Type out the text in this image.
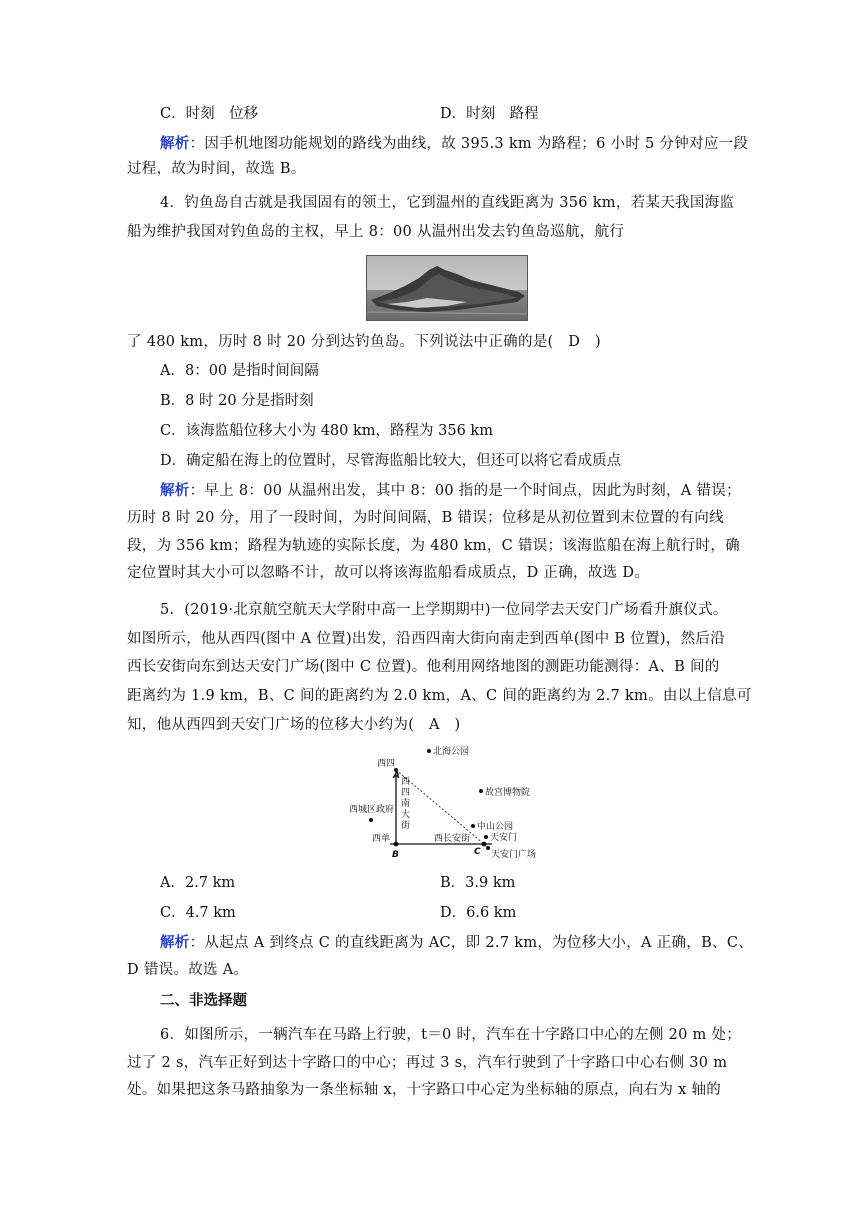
C．时刻　位移	D．时刻　路程
解析：因手机地图功能规划的路线为曲线，故 395.3 km 为路程；6 小时 5 分钟对应一段
过程，故为时间，故选 B。
4．钓鱼岛自古就是我国固有的领土，它到温州的直线距离为 356 km，若某天我国海监
船为维护我国对钓鱼岛的主权，早上 8：00 从温州出发去钓鱼岛巡航，航行
了 480 km，历时 8 时 20 分到达钓鱼岛。下列说法中正确的是(　D　)
A．8：00 是指时间间隔
B．8 时 20 分是指时刻
C．该海监船位移大小为 480 km，路程为 356 km
D．确定船在海上的位置时，尽管海监船比较大，但还可以将它看成质点
解析：早上 8：00 从温州出发，其中 8：00 指的是一个时间点，因此为时刻，A 错误；
历时 8 时 20 分，用了一段时间，为时间间隔，B 错误；位移是从初位置到末位置的有向线
段，为 356 km；路程为轨迹的实际长度，为 480 km，C 错误；该海监船在海上航行时，确
定位置时其大小可以忽略不计，故可以将该海监船看成质点，D 正确，故选 D。
5．(2019·北京航空航天大学附中高一上学期期中)一位同学去天安门广场看升旗仪式。
如图所示，他从西四(图中 A 位置)出发，沿西四南大街向南走到西单(图中 B 位置)，然后沿
西长安街向东到达天安门广场(图中 C 位置)。他利用网络地图的测距功能测得：A、B 间的
距离约为 1.9 km，B、C 间的距离约为 2.0 km，A、C 间的距离约为 2.7 km。由以上信息可
知，他从西四到天安门广场的位移大小约为(　A　)
北海公园
西四
A
西
四
南
大
街
故宫博物院
西城区政府
中山公园
西单	西长安街 天安门
B	C 天安门广场
A．2.7 km	B．3.9 km
C．4.7 km	D．6.6 km
解析：从起点 A 到终点 C 的直线距离为 AC，即 2.7 km，为位移大小，A 正确，B、C、
D 错误。故选 A。
二、非选择题
6．如图所示，一辆汽车在马路上行驶，t＝0 时，汽车在十字路口中心的左侧 20 m 处；
过了 2 s，汽车正好到达十字路口的中心；再过 3 s，汽车行驶到了十字路口中心右侧 30 m
处。如果把这条马路抽象为一条坐标轴 x，十字路口中心定为坐标轴的原点，向右为 x 轴的
